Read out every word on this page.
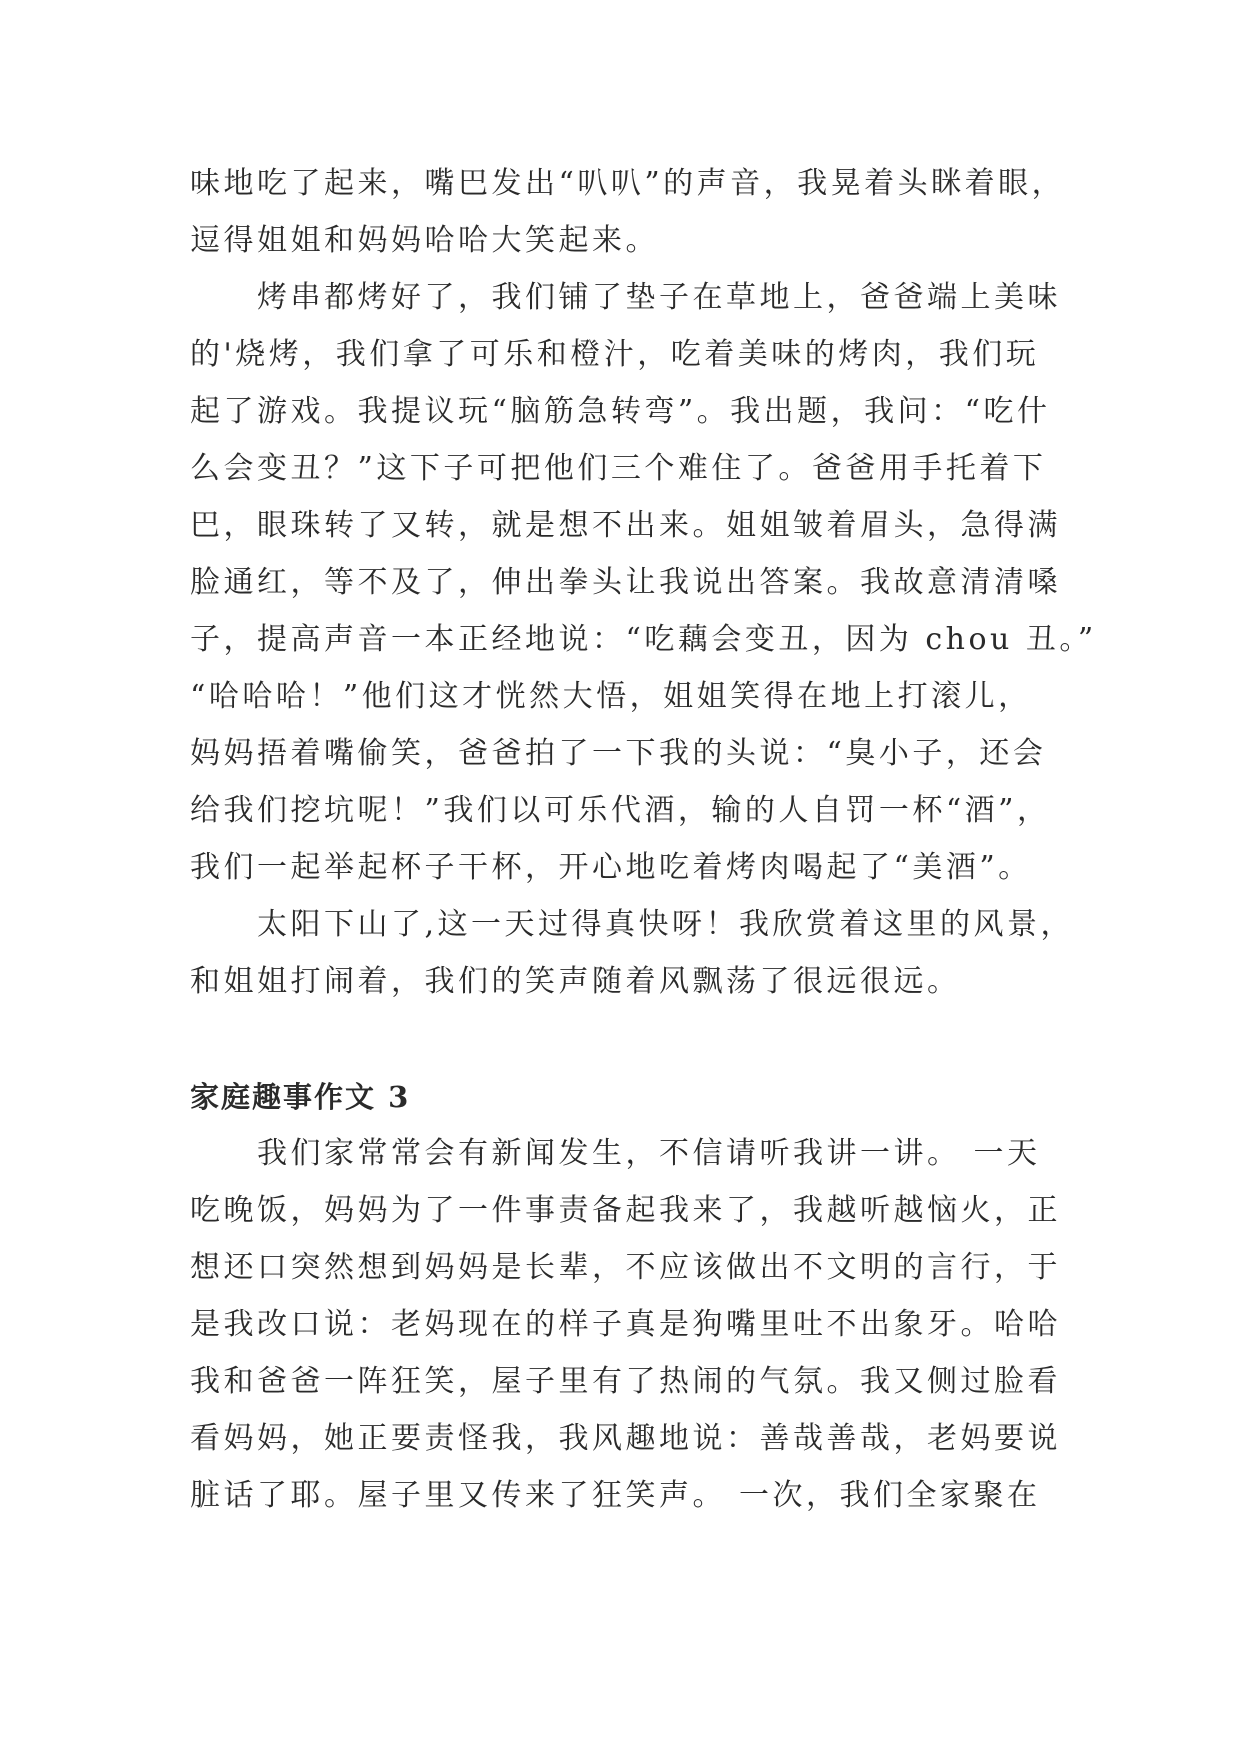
味地吃了起来，嘴巴发出“叭叭”的声音，我晃着头眯着眼，

逗得姐姐和妈妈哈哈大笑起来。

　　烤串都烤好了，我们铺了垫子在草地上，爸爸端上美味

的'烧烤，我们拿了可乐和橙汁，吃着美味的烤肉，我们玩

起了游戏。我提议玩“脑筋急转弯”。我出题，我问：“吃什

么会变丑？”这下子可把他们三个难住了。爸爸用手托着下

巴，眼珠转了又转，就是想不出来。姐姐皱着眉头，急得满

脸通红，等不及了，伸出拳头让我说出答案。我故意清清嗓

子，提高声音一本正经地说：“吃藕会变丑，因为 chou 丑。”

“哈哈哈！”他们这才恍然大悟，姐姐笑得在地上打滚儿，

妈妈捂着嘴偷笑，爸爸拍了一下我的头说：“臭小子，还会

给我们挖坑呢！”我们以可乐代酒，输的人自罚一杯“酒”，

我们一起举起杯子干杯，开心地吃着烤肉喝起了“美酒”。

　　太阳下山了,这一天过得真快呀！我欣赏着这里的风景，

和姐姐打闹着，我们的笑声随着风飘荡了很远很远。

家庭趣事作文 3

　　我们家常常会有新闻发生，不信请听我讲一讲。 一天

吃晚饭，妈妈为了一件事责备起我来了，我越听越恼火，正

想还口突然想到妈妈是长辈，不应该做出不文明的言行，于

是我改口说：老妈现在的样子真是狗嘴里吐不出象牙。哈哈

我和爸爸一阵狂笑，屋子里有了热闹的气氛。我又侧过脸看

看妈妈，她正要责怪我，我风趣地说：善哉善哉，老妈要说

脏话了耶。屋子里又传来了狂笑声。 一次，我们全家聚在
